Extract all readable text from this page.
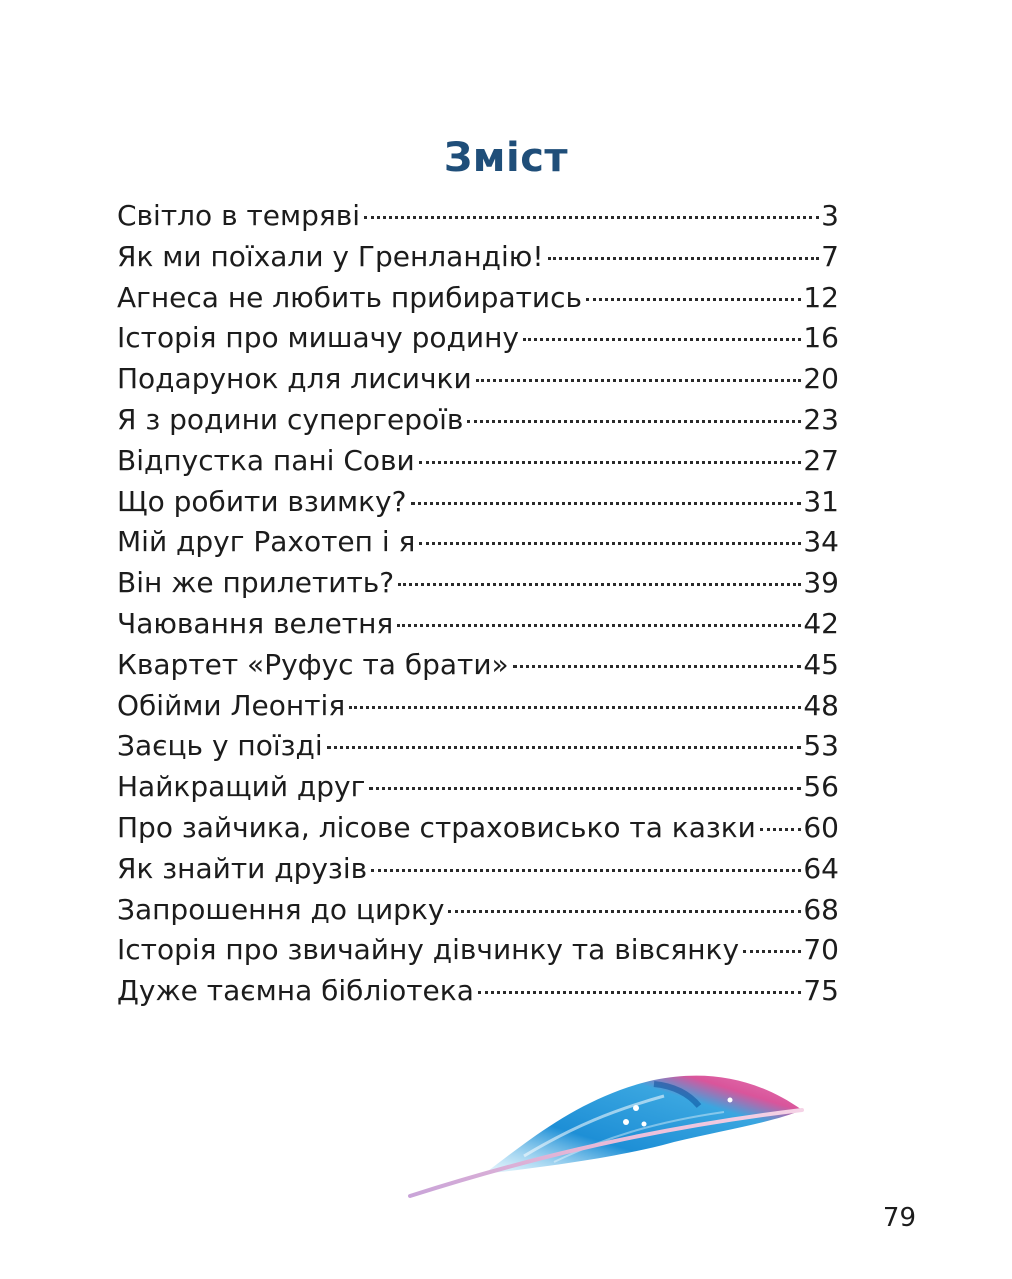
Зміст
Світло в темряві	3
Як ми поїхали у Гренландію!	7
Агнеса не любить прибиратись	12
Історія про мишачу родину	16
Подарунок для лисички	20
Я з родини супергероїв	23
Відпустка пані Сови	27
Що робити взимку?	31
Мій друг Рахотеп і я	34
Він же прилетить?	39
Чаювання велетня	42
Квартет «Руфус та брати»	45
Обійми Леонтія	48
Заєць у поїзді	53
Найкращий друг	56
Про зайчика, лісове страховисько та казки 60
Як знайти друзів	64
Запрошення до цирку	68
Історія про звичайну дівчинку та вівсянку 70
Дуже таємна бібліотека	75
79
